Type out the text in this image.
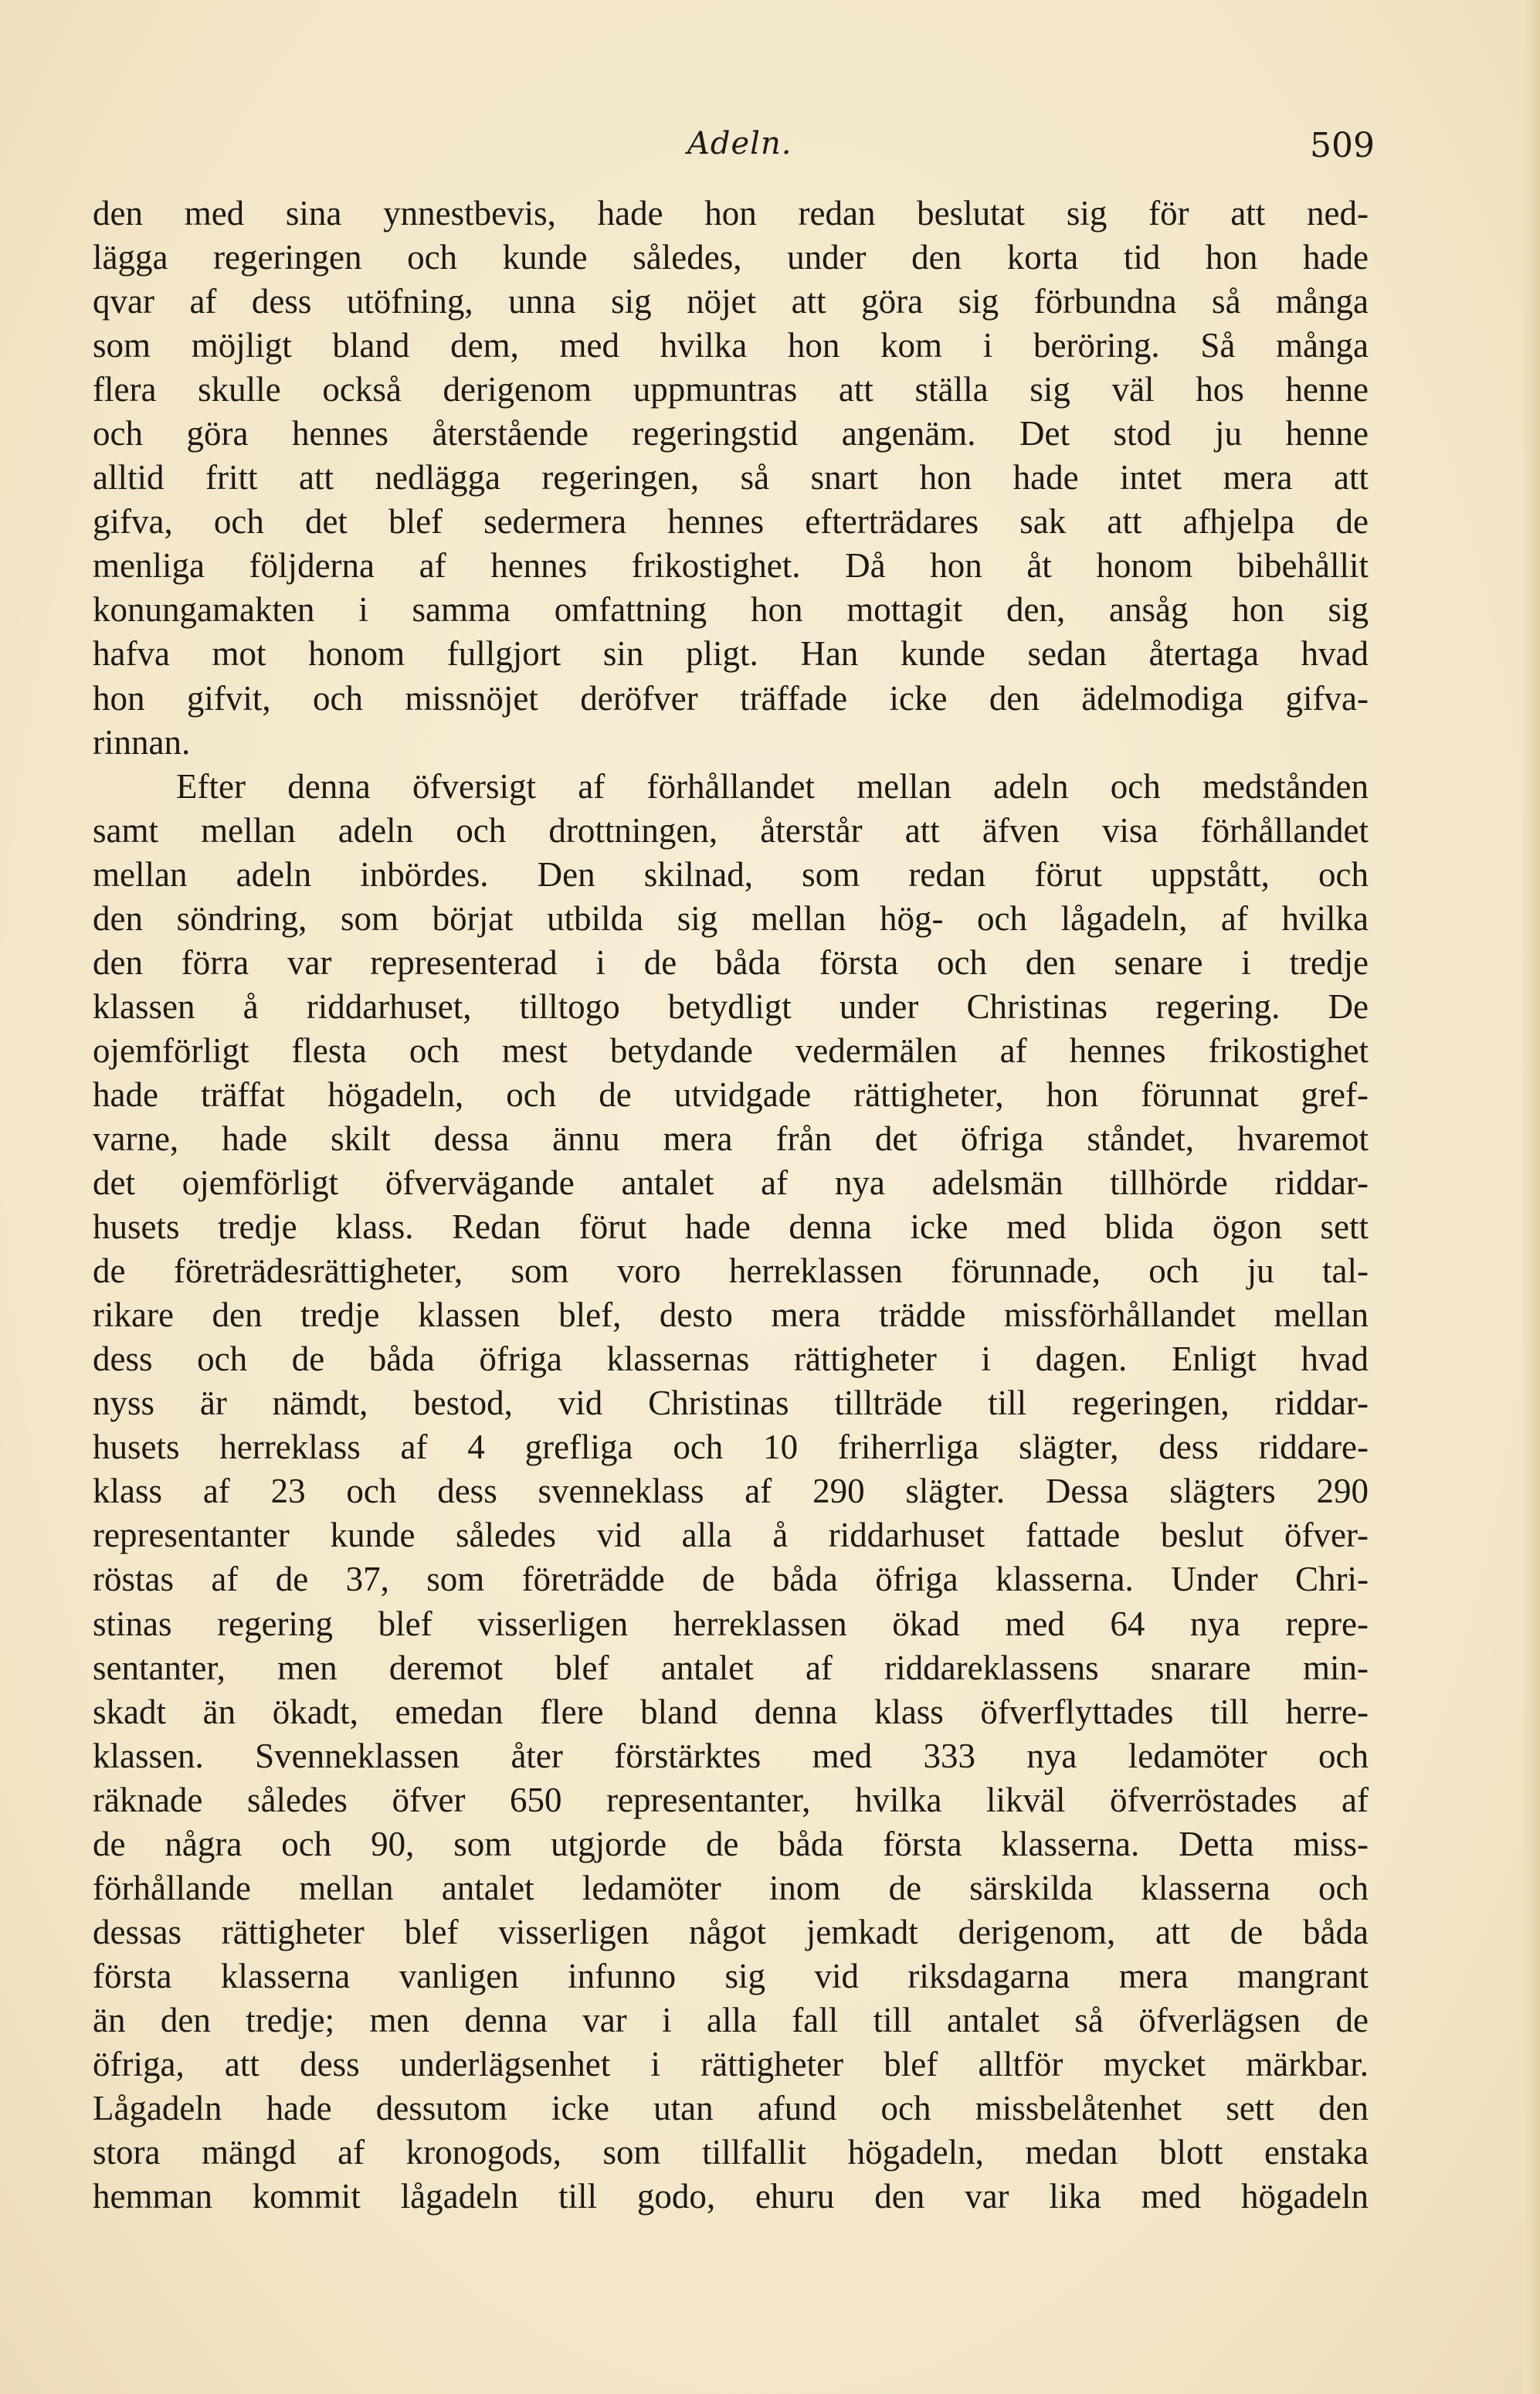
Adeln.	509
den med sina ynnestbevis, hade hon redan beslutat sig för att ned-
lägga regeringen och kunde således, under den korta tid hon hade
qvar af dess utöfning, unna sig nöjet att göra sig förbundna så många
som möjligt bland dem, med hvilka hon kom i beröring. Så många
flera skulle också derigenom uppmuntras att ställa sig väl hos henne
och göra hennes återstående regeringstid angenäm. Det stod ju henne
alltid fritt att nedlägga regeringen, så snart hon hade intet mera att
gifva, och det blef sedermera hennes efterträdares sak att afhjelpa de
menliga följderna af hennes frikostighet. Då hon åt honom bibehållit
konungamakten i samma omfattning hon mottagit den, ansåg hon sig
hafva mot honom fullgjort sin pligt. Han kunde sedan återtaga hvad
hon gifvit, och missnöjet deröfver träffade icke den ädelmodiga gifva-
rinnan.
Efter denna öfversigt af förhållandet mellan adeln och medstånden
samt mellan adeln och drottningen, återstår att äfven visa förhållandet
mellan adeln inbördes. Den skilnad, som redan förut uppstått, och
den söndring, som börjat utbilda sig mellan hög- och lågadeln, af hvilka
den förra var representerad i de båda första och den senare i tredje
klassen å riddarhuset, tilltogo betydligt under Christinas regering. De
ojemförligt flesta och mest betydande vedermälen af hennes frikostighet
hade träffat högadeln, och de utvidgade rättigheter, hon förunnat gref-
varne, hade skilt dessa ännu mera från det öfriga ståndet, hvaremot
det ojemförligt öfvervägande antalet af nya adelsmän tillhörde riddar-
husets tredje klass. Redan förut hade denna icke med blida ögon sett
de företrädesrättigheter, som voro herreklassen förunnade, och ju tal-
rikare den tredje klassen blef, desto mera trädde missförhållandet mellan
dess och de båda öfriga klassernas rättigheter i dagen. Enligt hvad
nyss är nämdt, bestod, vid Christinas tillträde till regeringen, riddar-
husets herreklass af 4 grefliga och 10 friherrliga slägter, dess riddare-
klass af 23 och dess svenneklass af 290 slägter. Dessa slägters 290
representanter kunde således vid alla å riddarhuset fattade beslut öfver-
röstas af de 37, som företrädde de båda öfriga klasserna. Under Chri-
stinas regering blef visserligen herreklassen ökad med 64 nya repre-
sentanter, men deremot blef antalet af riddareklassens snarare min-
skadt än ökadt, emedan flere bland denna klass öfverflyttades till herre-
klassen. Svenneklassen åter förstärktes med 333 nya ledamöter och
räknade således öfver 650 representanter, hvilka likväl öfverröstades af
de några och 90, som utgjorde de båda första klasserna. Detta miss-
förhållande mellan antalet ledamöter inom de särskilda klasserna och
dessas rättigheter blef visserligen något jemkadt derigenom, att de båda
första klasserna vanligen infunno sig vid riksdagarna mera mangrant
än den tredje; men denna var i alla fall till antalet så öfverlägsen de
öfriga, att dess underlägsenhet i rättigheter blef alltför mycket märkbar.
Lågadeln hade dessutom icke utan afund och missbelåtenhet sett den
stora mängd af kronogods, som tillfallit högadeln, medan blott enstaka
hemman kommit lågadeln till godo, ehuru den var lika med högadeln
